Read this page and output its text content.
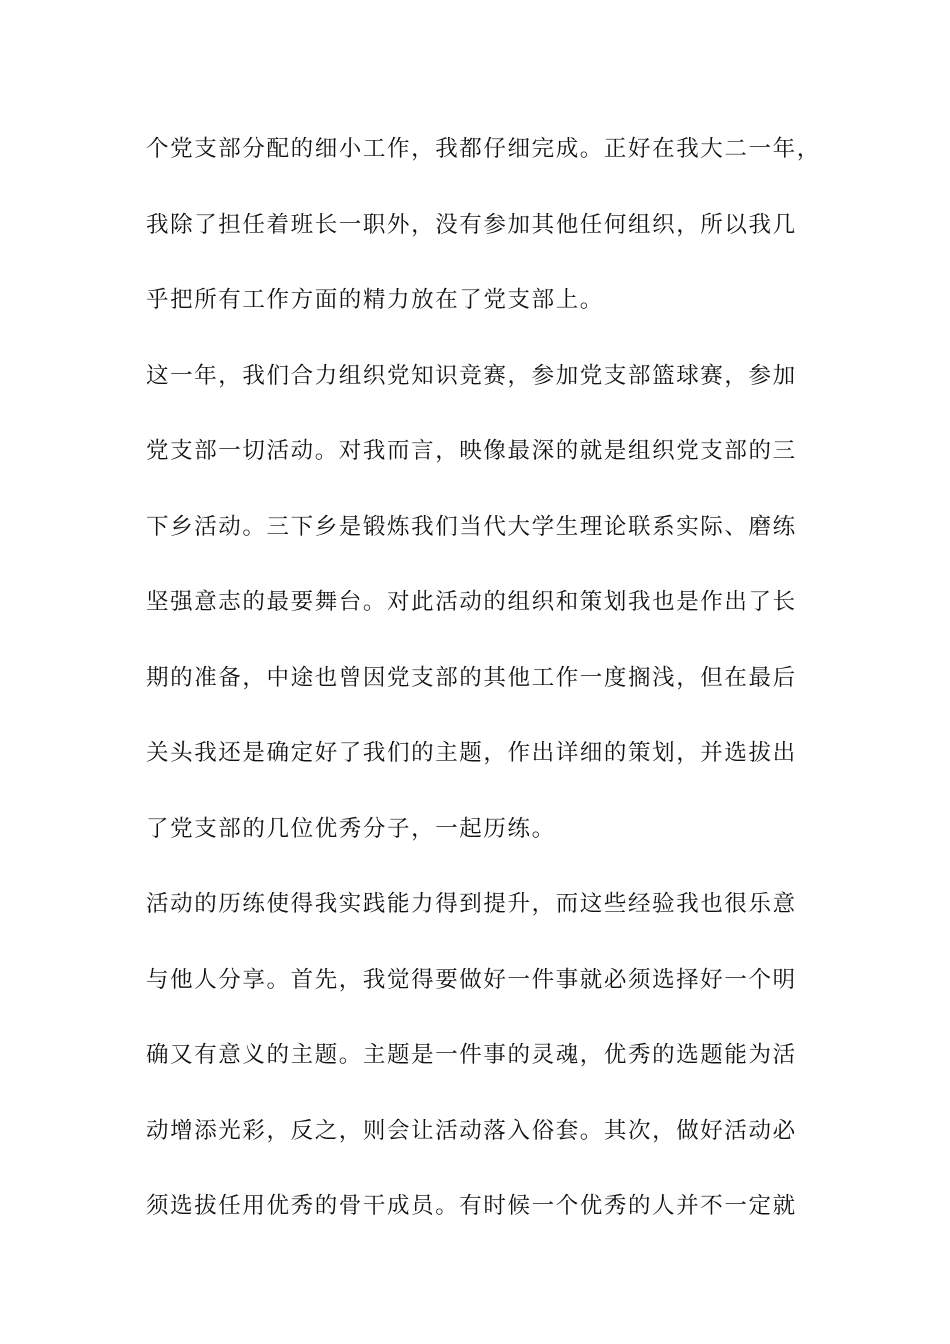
个党支部分配的细小工作，我都仔细完成。正好在我大二一年，
我除了担任着班长一职外，没有参加其他任何组织，所以我几
乎把所有工作方面的精力放在了党支部上。
这一年，我们合力组织党知识竞赛，参加党支部篮球赛，参加
党支部一切活动。对我而言，映像最深的就是组织党支部的三
下乡活动。三下乡是锻炼我们当代大学生理论联系实际、磨练
坚强意志的最要舞台。对此活动的组织和策划我也是作出了长
期的准备，中途也曾因党支部的其他工作一度搁浅，但在最后
关头我还是确定好了我们的主题，作出详细的策划，并选拔出
了党支部的几位优秀分子，一起历练。
活动的历练使得我实践能力得到提升，而这些经验我也很乐意
与他人分享。首先，我觉得要做好一件事就必须选择好一个明
确又有意义的主题。主题是一件事的灵魂，优秀的选题能为活
动增添光彩，反之，则会让活动落入俗套。其次，做好活动必
须选拔任用优秀的骨干成员。有时候一个优秀的人并不一定就
